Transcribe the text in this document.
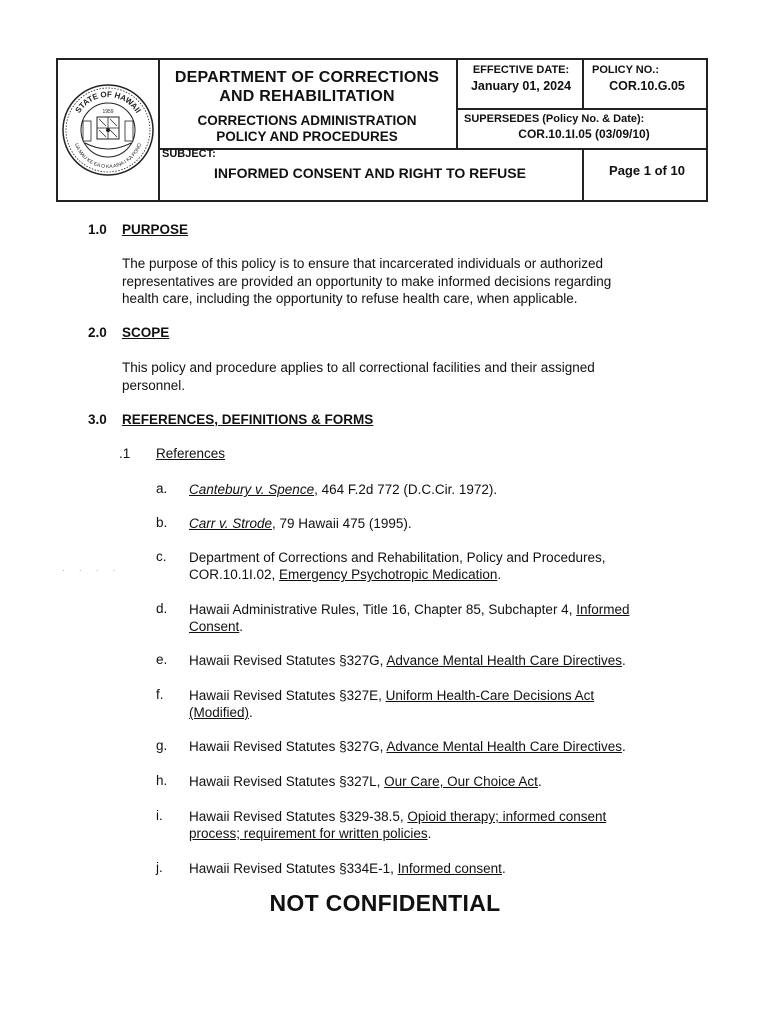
STATE OF HAWAII
UA MAU KE EA O KA AINA I KA PONO
1959
DEPARTMENT OF CORRECTIONS
AND REHABILITATION
CORRECTIONS ADMINISTRATION
POLICY AND PROCEDURES
EFFECTIVE DATE:
January 01, 2024
POLICY NO.:
COR.10.G.05
SUPERSEDES (Policy No. & Date):
COR.10.1I.05 (03/09/10)
SUBJECT:
INFORMED CONSENT AND RIGHT TO REFUSE	Page 1 of 10
1.0 PURPOSE
The purpose of this policy is to ensure that incarcerated individuals or authorized
representatives are provided an opportunity to make informed decisions regarding
health care, including the opportunity to refuse health care, when applicable.
2.0 SCOPE
This policy and procedure applies to all correctional facilities and their assigned
personnel.
3.0 REFERENCES, DEFINITIONS & FORMS
.1 References
a. Cantebury v. Spence, 464 F.2d 772 (D.C.Cir. 1972).
b. Carr v. Strode, 79 Hawaii 475 (1995).
· · · ·
c. Department of Corrections and Rehabilitation, Policy and Procedures,
COR.10.1I.02, Emergency Psychotropic Medication.
d. Hawaii Administrative Rules, Title 16, Chapter 85, Subchapter 4, Informed
Consent.
e. Hawaii Revised Statutes §327G, Advance Mental Health Care Directives.
f. Hawaii Revised Statutes §327E, Uniform Health-Care Decisions Act
(Modified).
g. Hawaii Revised Statutes §327G, Advance Mental Health Care Directives.
h. Hawaii Revised Statutes §327L, Our Care, Our Choice Act.
i. Hawaii Revised Statutes §329-38.5, Opioid therapy; informed consent
process; requirement for written policies.
j. Hawaii Revised Statutes §334E-1, Informed consent.
NOT CONFIDENTIAL
